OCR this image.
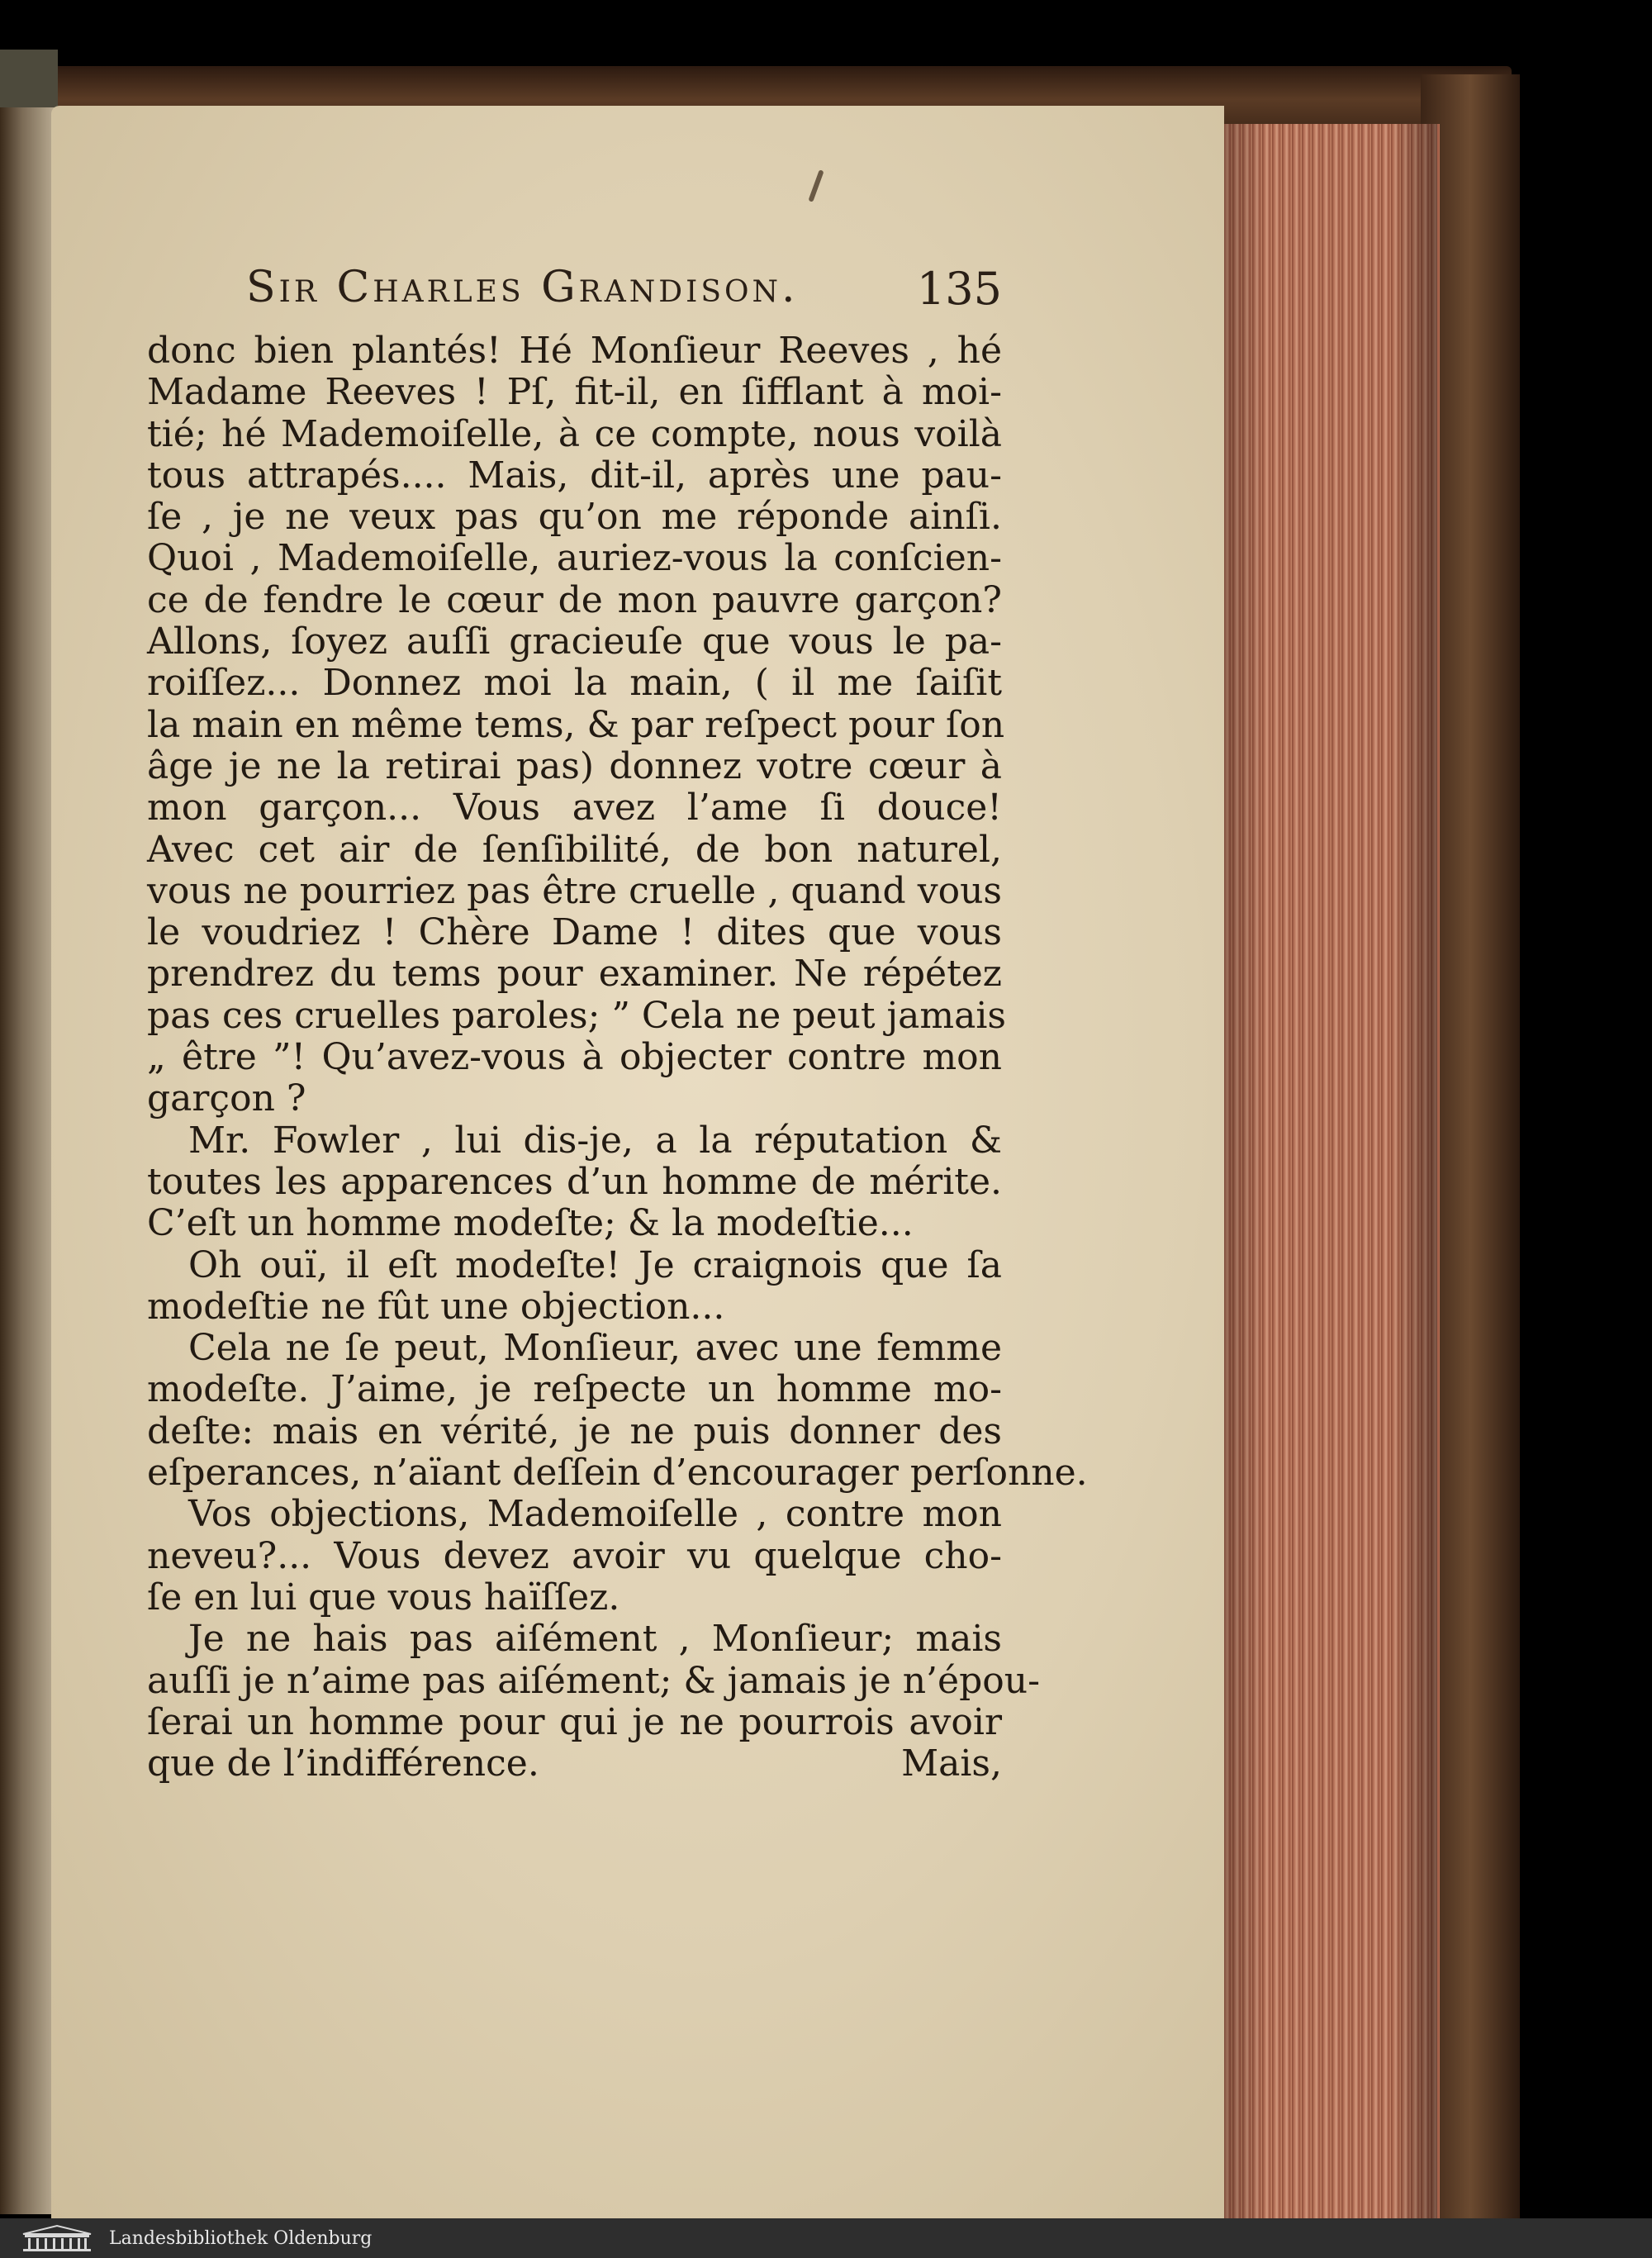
Sir Charles Grandison.	135
donc bien plantés! Hé Monſieur Reeves , hé
Madame Reeves ! Pſ, fit-il, en ſifflant à moi-
tié; hé Mademoiſelle, à ce compte, nous voilà
tous attrapés.... Mais, dit-il, après une pau-
ſe , je ne veux pas qu’on me réponde ainſi.
Quoi , Mademoiſelle, auriez-vous la conſcien-
ce de fendre le cœur de mon pauvre garçon?
Allons, ſoyez auſſi gracieuſe que vous le pa-
roiſſez... Donnez moi la main, ( il me ſaiſit
la main en même tems, & par reſpect pour ſon
âge je ne la retirai pas) donnez votre cœur à
mon garçon... Vous avez l’ame ſi douce!
Avec cet air de ſenſibilité, de bon naturel,
vous ne pourriez pas être cruelle , quand vous
le voudriez ! Chère Dame ! dites que vous
prendrez du tems pour examiner. Ne répétez
pas ces cruelles paroles; ” Cela ne peut jamais
„ être ”! Qu’avez-vous à objecter contre mon
garçon ?
Mr. Fowler , lui dis-je, a la réputation &
toutes les apparences d’un homme de mérite.
C’eſt un homme modeſte; & la modeſtie...
Oh ouï, il eſt modeſte! Je craignois que ſa
modeſtie ne fût une objection...
Cela ne ſe peut, Monſieur, avec une femme
modeſte. J’aime, je reſpecte un homme mo-
deſte: mais en vérité, je ne puis donner des
eſperances, n’aïant deſſein d’encourager perſonne.
Vos objections, Mademoiſelle , contre mon
neveu?... Vous devez avoir vu quelque cho-
ſe en lui que vous haïſſez.
Je ne hais pas aiſément , Monſieur; mais
auſſi je n’aime pas aiſément; & jamais je n’épou-
ſerai un homme pour qui je ne pourrois avoir
que de l’indifférence.	Mais,
Landesbibliothek Oldenburg
